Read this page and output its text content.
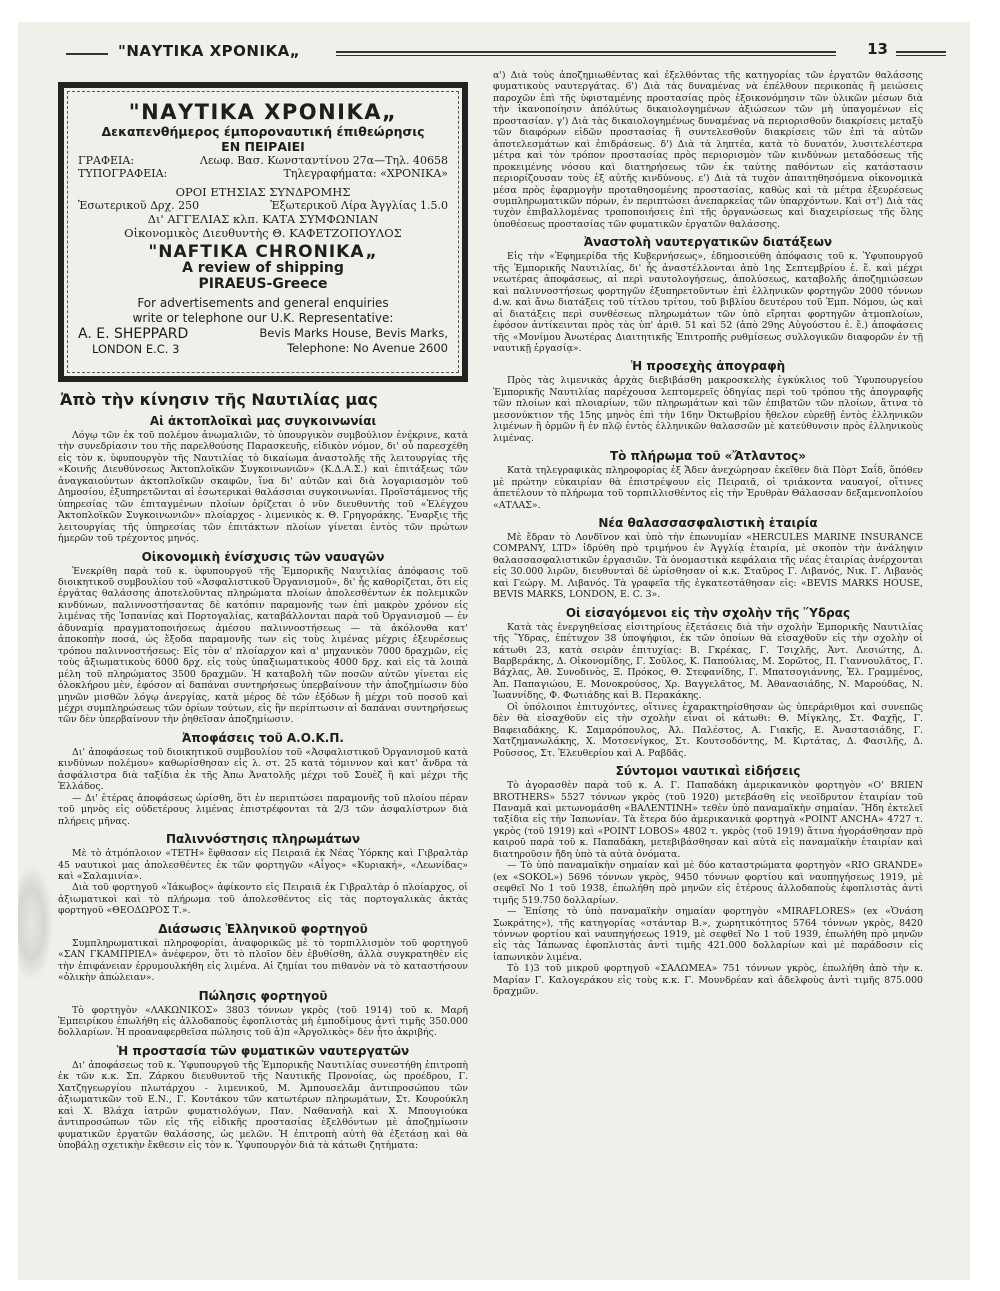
"ΝΑΥΤΙΚΑ ΧΡΟΝΙΚΑ„	13
"ΝΑΥΤΙΚΑ ΧΡΟΝΙΚΑ„
Δεκαπενθήμερος έμπορoναυτική έπιθεώρησις
ΕΝ ΠΕΙΡΑΙΕΙ
ΓΡΑΦΕΙΑ:	Λεωφ. Βασ. Κωνσταντίνου 27α—Τηλ. 40658
ΤΥΠΟΓΡΑΦΕΙΑ:	Τηλεγραφήματα: «ΧΡΟΝΙΚΑ»
ΟΡΟΙ ΕΤΗΣΙΑΣ ΣΥΝΔΡΟΜΗΣ
Ἐσωτερικοῦ Δρχ. 250	Ἐξωτερικοῦ Λίρα Ἀγγλίας 1.5.0
Δι' ΑΓΓΕΛΙΑΣ κλπ. ΚΑΤΑ ΣΥΜΦΩΝΙΑΝ
Οἰκονομικὸς Διευθυντὴς Θ. ΚΑΦΕΤΖΟΠΟΥΛΟΣ
"NAFTIKA CHRONIKA„
A review of shipping
PIRAEUS-Greece
For advertisements and general enquiries
write or telephone our U.K. Representative:
A. E. SHEPPARD
LONDON E.C. 3
Bevis Marks House, Bevis Marks,
Telephone: No Avenue 2600
Ἀπὸ τὴν κίνησιν τῆς Ναυτιλίας μας
Αἱ ἀκτοπλοϊκαὶ μας συγκοινωνίαι

Λόγῳ τῶν ἐκ τοῦ πολέμου ἀνωμαλιῶν, τὸ ὑπουργικὸν συμβούλιον ἐνέκρινε, κατὰ τὴν συνεδρίασιν του τῆς παρελθούσης Παρασκευῆς, εἰδικὸν νόμον, δι' οὗ παρεσχέθη εἰς τὸν κ. ὑφυπουργὸν τῆς Ναυτιλίας τὸ δικαίωμα ἀναστολῆς τῆς λειτουργίας τῆς «Κοινῆς Διευθύνσεως Ἀκτοπλοϊκῶν Συγκοινωνιῶν» (Κ.Δ.Α.Σ.) καὶ ἐπιτάξεως τῶν ἀναγκαιούντων ἀκτοπλοϊκῶν σκαφῶν, ἵνα δι' αὐτῶν καὶ διὰ λογαριασμὸν τοῦ Δημοσίου, ἐξυπηρετῶνται αἱ ἐσωτερικαὶ θαλάσσιαι συγκοινωνίαι. Προϊστάμενος τῆς ὑπηρεσίας τῶν ἐπιταγμένων πλοίων ὁρίζεται ὁ νῦν διευθυντὴς τοῦ «Ἐλέγχου Ἀκτοπλοϊκῶν Συγκοινωνιῶν» πλοίαρχος - λιμενικὸς κ. Θ. Γρηγοράκης. Ἔναρξις τῆς λειτουργίας τῆς ὑπηρεσίας τῶν ἐπιτάκτων πλοίων γίνεται ἐντὸς τῶν πρώτων ἡμερῶν τοῦ τρέχοντος μηνός.

Οἰκονομικὴ ἐνίσχυσις τῶν ναυαγῶν

Ἐνεκρίθη παρὰ τοῦ κ. ὑφυπουργοῦ τῆς Ἐμπορικῆς Ναυτιλίας ἀπόφασις τοῦ διοικητικοῦ συμβουλίου τοῦ «Ἀσφαλιστικοῦ Ὀργανισμοῦ», δι' ἧς καθορίζεται, ὅτι εἰς ἐργάτας θαλάσσης ἀποτελοῦντας πληρώματα πλοίων ἀπολεσθέντων ἐκ πολεμικῶν κινδύνων, παλιννοστήσαντας δὲ κατόπιν παραμονῆς των ἐπὶ μακρὸν χρόνον εἰς λιμένας τῆς Ἰσπανίας καὶ Πορτογαλίας, καταβάλλονται παρὰ τοῦ Ὀργανισμοῦ — ἐν ἀδυναμίᾳ πραγματοποιήσεως ἀμέσου παλιννοστήσεως — τὰ ἀκόλουθα κατ' ἀποκοπὴν ποσά, ὡς ἔξοδα παραμονῆς των εἰς τοὺς λιμένας μέχρις ἐξευρέσεως τρόπου παλιννοστήσεως: Εἰς τὸν α' πλοίαρχον καὶ α' μηχανικὸν 7000 δραχμῶν, εἰς τοὺς ἀξιωματικοὺς 6000 δρχ. εἰς τοὺς ὑπαξιωματικοὺς 4000 δρχ. καὶ εἰς τὰ λοιπὰ μέλη τοῦ πληρώματος 3500 δραχμῶν. Ἡ καταβολὴ τῶν ποσῶν αὐτῶν γίνεται εἰς ὁλοκλήρου μὲν, ἐφόσον αἱ δαπάναι συντηρήσεως ὑπερβαίνουν τὴν ἀποζημίωσιν δύο μηνῶν μισθῶν λόγῳ ἀνεργίας, κατὰ μέρος δὲ τῶν ἐξόδων ἢ μέχρι τοῦ ποσοῦ καὶ μέχρι συμπληρώσεως τῶν ὁρίων τούτων, εἰς ἣν περίπτωσιν αἱ δαπάναι συντηρήσεως τῶν δὲν ὑπερβαίνουν τὴν ῥηθεῖσαν ἀποζημίωσιν.

Ἀποφάσεις τοῦ Α.Ο.Κ.Π.

Δι' ἀποφάσεως τοῦ διοικητικοῦ συμβουλίου τοῦ «Ἀσφαλιστικοῦ Ὀργανισμοῦ κατὰ κινδύνων πολέμου» καθωρίσθησαν εἰς λ. στ. 25 κατὰ τόμιννον καὶ κατ' ἄνδρα τὰ ἀσφάλιστρα διὰ ταξίδια ἐκ τῆς Ἀπω Ἀνατολῆς μέχρι τοῦ Σουὲζ ἢ καὶ μέχρι τῆς Ἑλλάδος.

— Δι' ἑτέρας ἀποφάσεως ὡρίσθη, ὅτι ἐν περιπτώσει παραμονῆς τοῦ πλοίου πέραν τοῦ μηνὸς εἰς οὐδετέρους λιμένας ἐπιστρέφονται τὰ 2/3 τῶν ἀσφαλίστρων διὰ πλήρεις μῆνας.

Παλιννόστησις πληρωμάτων

Μὲ τὸ ἀτμόπλοιον «ΤΕΤΗ» ἔφθασαν εἰς Πειραιᾶ ἐκ Νέας Ὑόρκης καὶ Γιβραλτὰρ 45 ναυτικοὶ μας ἀπολεσθέντες ἐκ τῶν φορτηγῶν «Αἶγος» «Κυριακή», «Λεωνίδας» καὶ «Σαλαμινία».

Διὰ τοῦ φορτηγοῦ «Ἰάκωβος» ἀφίκοντο εἰς Πειραιᾶ ἐκ Γιβραλτὰρ ὁ πλοίαρχος, οἱ ἀξιωματικοὶ καὶ τὸ πλήρωμα τοῦ ἀπολεσθέντος εἰς τὰς πορτογαλικὰς ἀκτὰς φορτηγοῦ «ΘΕΟΔΩΡΟΣ Τ.».

Διάσωσις Ἑλληνικοῦ φορτηγοῦ

Συμπληρωματικαὶ πληροφορίαι, ἀναφορικῶς μὲ τὸ τορπιλλισμὸν τοῦ φορτηγοῦ «ΣΑΝ ΓΚΑΜΠΡΙΕΛ» ἀνέφερον, ὅτι τὸ πλοῖον δὲν ἐβυθίσθη, ἀλλὰ συγκρατηθὲν εἰς τὴν ἐπιφάνειαν ἐρρυμουλκήθη εἰς λιμένα. Αἱ ζημίαι του πιθανὸν νὰ τὸ καταστήσουν «ὁλικὴν ἀπώλειαν».

Πώλησις φορτηγοῦ

Τὸ φορτηγὸν «ΛΑΚΩΝΙΚΟΣ» 3803 τόννων γκρὸς (τοῦ 1914) τοῦ κ. Μαρῆ Ἐμπειρίκου ἐπωλήθη εἰς ἀλλοδαποὺς ἐφοπλιστὰς μὴ ἐμποδίμους ἀντὶ τιμῆς 350.000 δολλαρίων. Ἡ προαναφερθεῖσα πώλησις τοῦ ἀ)π «Ἀργολικὸς» δὲν ἦτο ἀκριβής.

Ἡ προστασία τῶν φυματικῶν ναυτεργατῶν

Δι' ἀποφάσεως τοῦ κ. Ὑφυπουργοῦ τῆς Ἐμπορικῆς Ναυτιλίας συνεστήθη ἐπιτροπὴ ἐκ τῶν κ.κ. Σπ. Ζάρκου διευθυντοῦ τῆς Ναυτικῆς Προνοίας, ὡς προέδρου, Γ. Χατζηγεωργίου πλωτάρχου - λιμενικοῦ, Μ. Ἀμπουσελᾶμ ἀντιπροσώπου τῶν ἀξιωματικῶν τοῦ Ε.Ν., Γ. Κοντάκου τῶν κατωτέρων πληρωμάτων, Στ. Κουρούκλη καὶ Χ. Βλάχα ἰατρῶν φυματιολόγων, Παν. Ναθαναὴλ καὶ Χ. Μπουγιούκα ἀντιπροσώπων τῶν εἰς τῆς εἰδικῆς προστασίας ἐξελθόντων μὲ ἀποζημίωσιν φυματικῶν ἐργατῶν θαλάσσης, ὡς μελῶν. Ἡ ἐπιτροπὴ αὐτὴ θὰ ἐξετάσῃ καὶ θὰ ὑποβάλῃ σχετικὴν ἔκθεσιν εἰς τὸν κ. Ὑφυπουργὸν διὰ τὰ κάτωθι ζητήματα:

α') Διὰ τοὺς ἀποζημιωθέντας καὶ ἐξελθόντας τῆς κατηγορίας τῶν ἐργατῶν θαλάσσης φυματικοὺς ναυτεργάτας. 6') Διὰ τὰς δυναμένας νὰ ἐπέλθουν περικοπὰς ἢ μειώσεις παροχῶν ἐπὶ τῆς ὑφισταμένης προστασίας πρὸς ἐξοικονόμησιν τῶν ὑλικῶν μέσων διὰ τὴν ἱκανοποίησιν ἀπόλύτως δικαιολογημένων ἀξιώσεων τῶν μὴ ὑπαγομένων εἰς προστασίαν. γ') Διὰ τὰς δικαιολογημένως δυναμένας νὰ περιορισθοῦν διακρίσεις μεταξὺ τῶν διαφόρων εἰδῶν προστασίας ἢ συντελεσθοῦν διακρίσεις τῶν ἐπὶ τὰ αὐτῶν ἀποτελεσμάτων καὶ ἐπιδράσεως. δ') Διὰ τὰ ληπτέα, κατὰ τὸ δυνατόν, λυσιτελέστερα μέτρα καὶ τὸν τρόπον προστασίας πρὸς περιορισμὸν τῶν κινδύνων μεταδόσεως τῆς προκειμένης νόσου καὶ διατηρήσεως τῶν ἐκ ταύτης παθόντων εἰς κατάστασιν περιορίζουσαν τοὺς ἐξ αὐτῆς κινδύνους. ε') Διὰ τὰ τυχὸν ἀπαιτηθησόμενα οἰκονομικὰ μέσα πρὸς ἐφαρμογὴν προταθησομένης προστασίας, καθὼς καὶ τὰ μέτρα ἐξευρέσεως συμπληρωματικῶν πόρων, ἐν περιπτώσει ἀνεπαρκείας τῶν ὑπαρχόντων. Καὶ στ') Διὰ τὰς τυχὸν ἐπιβαλλομένας τροποποιήσεις ἐπὶ τῆς ὀργανώσεως καὶ διαχειρίσεως τῆς ὅλης ὑποθέσεως προστασίας τῶν φυματικῶν ἐργατῶν θαλάσσης.

Ἀναστολὴ ναυτεργατικῶν διατάξεων

Εἰς τὴν «Ἐφημερίδα τῆς Κυβερνήσεως», ἐδημοσιεύθη ἀπόφασις τοῦ κ. Ὑφυπουργοῦ τῆς Ἐμπορικῆς Ναυτιλίας, δι' ἧς ἀναστέλλονται ἀπὸ 1ης Σεπτεμβρίου ἐ. ἔ. καὶ μέχρι νεωτέρας ἀποφάσεως, αἱ περὶ ναυτολογήσεως, ἀπολύσεως, καταβολῆς ἀποζημιώσεων καὶ παλιννοστήσεως φορτηγῶν ἐξυπηρετοῦντων ἐπὶ ἑλληνικῶν φορτηγῶν 2000 τόννων d.w. καὶ ἄνω διατάξεις τοῦ τίτλου τρίτου, τοῦ βιβλίου δευτέρου τοῦ Ἐμπ. Νόμου, ὡς καὶ αἱ διατάξεις περὶ συνθέσεως πληρωμάτων τῶν ὑπὸ εἴρηται φορτηγῶν ἀτμοπλοίων, ἐφόσον ἀντίκεινται πρὸς τὰς ὑπ' ἀριθ. 51 καὶ 52 (ἀπὸ 29ης Αὐγούστου ἐ. ἔ.) ἀποφάσεις τῆς «Μονίμου Ἀνωτέρας Διαιτητικῆς Ἐπιτροπῆς ρυθμίσεως συλλογικῶν διαφορῶν ἐν τῇ ναυτικῇ ἐργασίᾳ».

Ἡ προσεχὴς ἀπογραφὴ

Πρὸς τὰς λιμενικὰς ἀρχὰς διεβιβάσθη μακροσκελὴς ἐγκύκλιος τοῦ Ὑφυπουργείου Ἐμπορικῆς Ναυτιλίας παρέχουσα λεπτομερεῖς ὁδηγίας περὶ τοῦ τρόπου τῆς ἀπογραφῆς τῶν πλοίων καὶ πλοιαρίων, τῶν πληρωμάτων καὶ τῶν ἐπιβατῶν τῶν πλοίων, ἅτινα τὸ μεσονύκτιον τῆς 15ης μηνὸς ἐπὶ τὴν 16ην Ὀκτωβρίου ἤθελον εὑρεθῇ ἐντὸς ἑλληνικῶν λιμένων ἢ ὁρμῶν ἢ ἐν πλῷ ἐντὸς ἑλληνικῶν θαλασσῶν μὲ κατεύθυνσιν πρὸς ἑλληνικοὺς λιμένας.

Τὸ πλήρωμα τοῦ «Ἄτλαντος»

Κατὰ τηλεγραφικὰς πληροφορίας ἐξ Ἄδεν ἀνεχώρησαν ἐκεῖθεν διὰ Πὸρτ Σαΐδ, ὅπόθεν μὲ πρώτην εὐκαιρίαν θὰ ἐπιστρέψουν εἰς Πειραιᾶ, οἱ τριάκοντα ναυαγοί, οἵτινες ἀπετέλουν τὸ πλήρωμα τοῦ τορπιλλισθέντος εἰς τὴν Ἐρυθρὰν Θάλασσαν δεξαμενοπλοίου «ΑΤΛΑΣ».

Νέα θαλασσασφαλιστικὴ ἑταιρία

Μὲ ἕδραν τὸ Λονδῖνον καὶ ὑπὸ τὴν ἐπωνυμίαν «HERCULES MARINE INSURANCE COMPANY, LTD» ἱδρύθη πρὸ τριμήνου ἐν Ἀγγλίᾳ ἑταιρία, μὲ σκοπὸν τὴν ἀνάληψιν θαλασσασφαλιστικῶν ἐργασιῶν. Τὰ ὀνομαστικὰ κεφάλαια τῆς νέας ἑταιρίας ἀνέρχονται εἰς 30.000 λιρῶν, διευθυνταὶ δὲ ὡρίσθησαν οἱ κ.κ. Σταῦρος Γ. Λιβανός, Νικ. Γ. Λιβανὸς καὶ Γεώργ. Μ. Λιβανός. Τὰ γραφεῖα τῆς ἐγκατεστάθησαν εἰς: «BEVIS MARKS HOUSE, BEVIS MARKS, LONDON, E. C. 3».

Οἱ εἰσαγόμενοι εἰς τὴν σχολὴν τῆς Ὕδρας

Κατὰ τὰς ἐνεργηθείσας εἰσιτηρίους ἐξετάσεις διὰ τὴν σχολὴν Ἐμπορικῆς Ναυτιλίας τῆς Ὕδρας, ἐπέτυχον 38 ὑποψήφιοι, ἐκ τῶν ὁποίων θὰ εἰσαχθοῦν εἰς τὴν σχολὴν οἱ κάτωθι 23, κατὰ σειρὰν ἐπιτυχίας: Β. Γκρέκας, Γ. Τσιχλῆς, Ἀντ. Λεσιώτης, Δ. Βαρβεράκης, Δ. Οἰκονομίδης, Γ. Σοῦλος, Κ. Παπούλιας, Μ. Σορῶτος, Π. Γιαννουλᾶτος, Γ. Βάχλας, Ἀθ. Συνοδινὸς, Ξ. Πρόκος, Θ. Στεφανίδης, Γ. Μπατσογιάννης, Ἑλ. Γραμμένος, Ἀπ. Παπαγιώου, Ε. Μονοκρούσος, Χρ. Βαγγελᾶτος, Μ. Ἀθανασιάδης, Ν. Μαρούδας, Ν. Ἰωαννίδης, Φ. Φωτιάδης καὶ Β. Περακάκης.

Οἱ ὑπόλοιποι ἐπιτυχόντες, οἵτινες ἐχαρακτηρίσθησαν ὡς ὑπεράριθμοι καὶ συνεπῶς δὲν θὰ εἰσαχθοῦν εἰς τὴν σχολὴν εἶναι οἱ κάτωθι: Θ. Μίγκλης, Στ. Φαχῆς, Γ. Βαφειαδάκης, Κ. Σαμαρόπουλος, Ἀλ. Παλέστος, Α. Γιακῆς, Ε. Ἀναστασιάδης, Γ. Χατζημανωλάκης, Χ. Μοτσενίγκος, Στ. Κουτσοδόντης, Μ. Κιρτάτας, Δ. Φασιλῆς, Δ. Ροῦσσος, Στ. Ἐλευθερίου καὶ Α. Ραβδᾶς.

Σύντομοι ναυτικαὶ εἰδήσεις

Τὸ ἀγορασθὲν παρὰ τοῦ κ. Α. Γ. Παπαδάκη ἀμερικανικὸν φορτηγὸν «Ο' BRIEN BROTHERS» 5527 τόννων γκρὸς (τοῦ 1920) μετεβάσθη εἰς νεοϊδρυτον ἑταιρίαν τοῦ Παναμᾶ καὶ μετωνομάσθη «ΒΑΛΕΝΤΙΝΗ» τεθὲν ὑπὸ παναμαϊκὴν σημαίαν. Ἤδη ἐκτελεῖ ταξίδια εἰς τὴν Ἰαπωνίαν. Τὰ ἕτερα δύο ἀμερικανικὰ φορτηγὰ «POINT ANCHA» 4727 τ. γκρὸς (τοῦ 1919) καὶ «POINT LOBOS» 4802 τ. γκρὸς (τοῦ 1919) ἅτινα ἠγοράσθησαν πρὸ καιροῦ παρὰ τοῦ κ. Παπαδάκη, μετεβιβάσθησαν καὶ αὐτὰ εἰς παναμαϊκὴν ἑταιρίαν καὶ διατηροῦσιν ἤδη ὑπὸ τὰ αὐτὰ ὀνόματα.

— Τὸ ὑπὸ παναμαϊκὴν σημαίαν καὶ μὲ δύο καταστρώματα φορτηγὸν «RIO GRANDE» (ex «SOKOL») 5696 τόννων γκρὸς, 9450 τόννων φορτίου καὶ ναυπηγήσεως 1919, μὲ σεφθεῖ Νο 1 τοῦ 1938, ἐπωλήθη πρὸ μηνῶν εἰς ἑτέρους ἀλλοδαποὺς ἐφοπλιστὰς ἀντὶ τιμῆς 519.750 δολλαρίων.

— Ἐπίσης τὸ ὑπὸ παναμαϊκὴν σημαίαν φορτηγὸν «MIRAFLORES» (ex «Ὁνάση Σωκράτης»), τῆς κατηγορίας «στάνταρ Β.», χωρητικότητος 5764 τόννων γκρὸς, 8420 τόννων φορτίου καὶ ναυπηγήσεως 1919, μὲ σεφθεῖ Νο 1 τοῦ 1939, ἐπωλήθη πρὸ μηνῶν εἰς τὰς Ἰάπωνας ἐφοπλιστὰς ἀντὶ τιμῆς 421.000 δολλαρίων καὶ μὲ παράδοσιν εἰς ἰαπωνικὸν λιμένα.

Τὸ 1)3 τοῦ μικροῦ φορτηγοῦ «ΣΑΛΩΜΕΑ» 751 τόννων γκρὸς, ἐπωλήθη ἀπὸ τὴν κ. Μαρίαν Γ. Καλογεράκου εἰς τοὺς κ.κ. Γ. Μουνδρέαν καὶ ἀδελφοὺς ἀντὶ τιμῆς 875.000 δραχμῶν.
